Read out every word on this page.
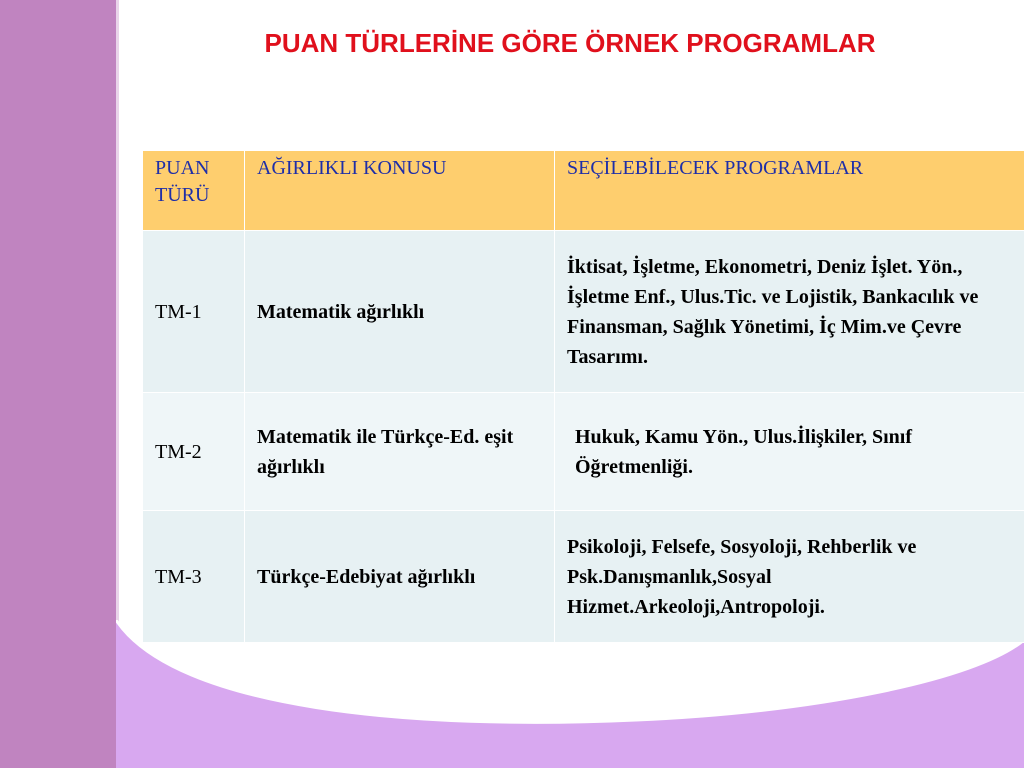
PUAN TÜRLERİNE GÖRE ÖRNEK PROGRAMLAR
PUAN TÜRÜ	AĞIRLIKLI KONUSU	SEÇİLEBİLECEK PROGRAMLAR
TM-1	Matematik ağırlıklı	İktisat, İşletme, Ekonometri, Deniz İşlet. Yön., İşletme Enf., Ulus.Tic. ve Lojistik, Bankacılık ve Finansman, Sağlık Yönetimi, İç Mim.ve Çevre Tasarımı.
TM-2	Matematik ile Türkçe-Ed. eşit ağırlıklı	Hukuk, Kamu Yön., Ulus.İlişkiler, Sınıf Öğretmenliği.
TM-3	Türkçe-Edebiyat ağırlıklı	Psikoloji, Felsefe, Sosyoloji, Rehberlik ve Psk.Danışmanlık,Sosyal Hizmet.Arkeoloji,Antropoloji.
